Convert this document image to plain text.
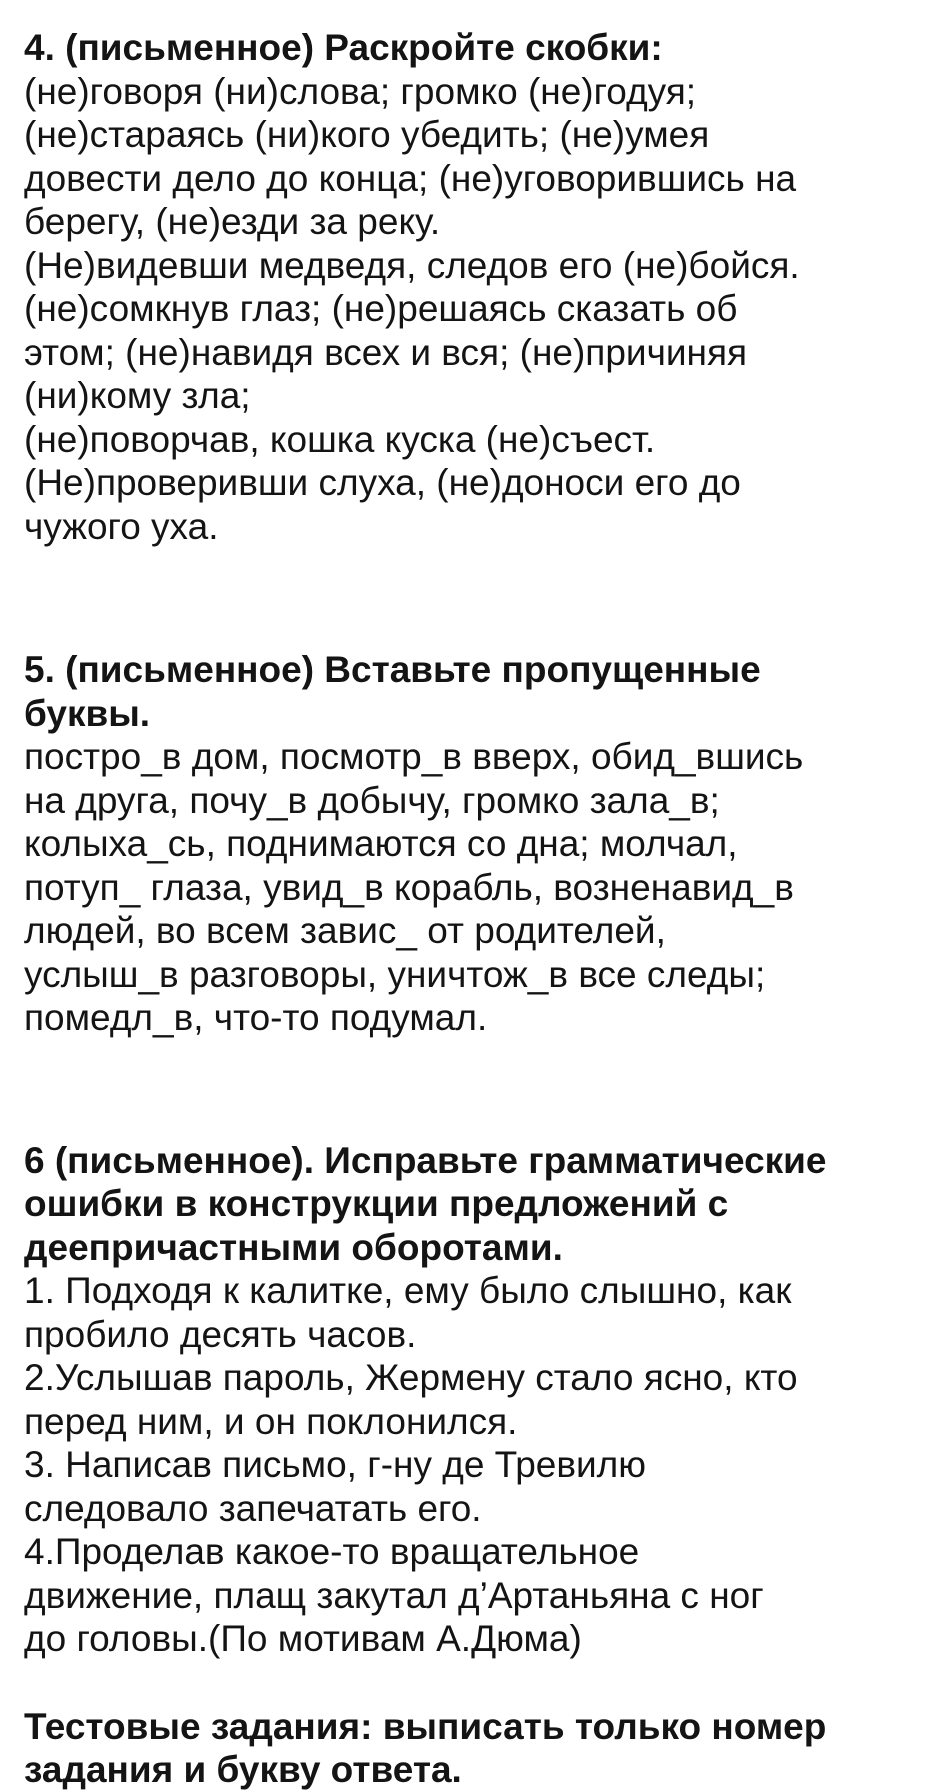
4. (письменное) Раскройте скобки:

(не)говоря (ни)слова; громко (не)годуя;

(не)стараясь (ни)кого убедить; (не)умея

довести дело до конца; (не)уговорившись на

берегу, (не)езди за реку.

(Не)видевши медведя, следов его (не)бойся.

(не)сомкнув глаз; (не)решаясь сказать об

этом; (не)навидя всех и вся; (не)причиняя

(ни)кому зла;

(не)поворчав, кошка куска (не)съест.

(Не)проверивши слуха, (не)доноси его до

чужого уха.

5. (письменное) Вставьте пропущенные

буквы.

постро_в дом, посмотр_в вверх, обид_вшись

на друга, почу_в добычу, громко зала_в;

колыха_сь, поднимаются со дна; молчал,

потуп_ глаза, увид_в корабль, возненавид_в

людей, во всем завис_ от родителей,

услыш_в разговоры, уничтож_в все следы;

помедл_в, что-то подумал.

6 (письменное). Исправьте грамматические

ошибки в конструкции предложений с

деепричастными оборотами.

1. Подходя к калитке, ему было слышно, как

пробило десять часов.

2.Услышав пароль, Жермену стало ясно, кто

перед ним, и он поклонился.

3. Написав письмо, г-ну де Тревилю

следовало запечатать его.

4.Проделав какое-то вращательное

движение, плащ закутал д’Артаньяна с ног

до головы.(По мотивам А.Дюма)

Тестовые задания: выписать только номер

задания и букву ответа.
